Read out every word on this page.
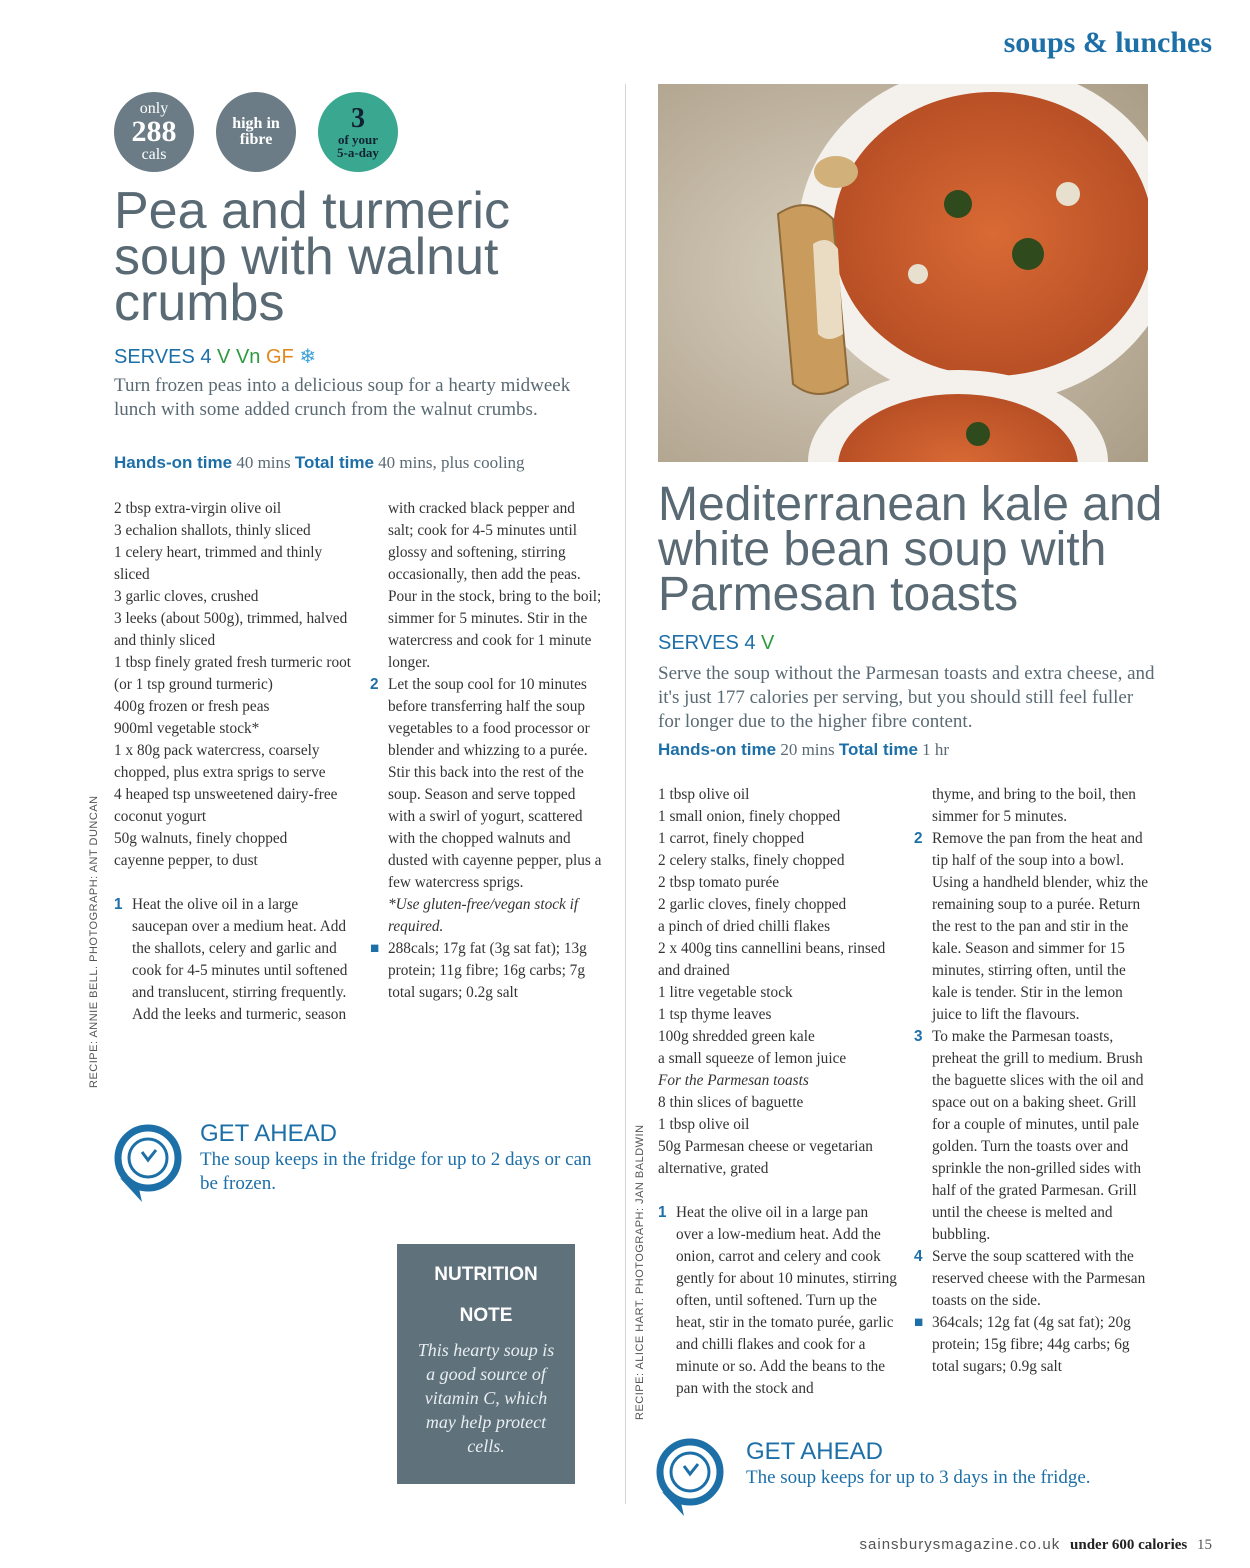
soups & lunches
only
288
cals
high in fibre
3
of your
5-a-day
Pea and turmeric soup with walnut crumbs
SERVES 4 V Vn GF ❄
Turn frozen peas into a delicious soup for a hearty midweek lunch with some added crunch from the walnut crumbs.
Hands-on time 40 mins Total time 40 mins, plus cooling

2 tbsp extra-virgin olive oil

3 echalion shallots, thinly sliced

1 celery heart, trimmed and thinly sliced

3 garlic cloves, crushed

3 leeks (about 500g), trimmed, halved and thinly sliced

1 tbsp finely grated fresh turmeric root (or 1 tsp ground turmeric)

400g frozen or fresh peas

900ml vegetable stock*

1 x 80g pack watercress, coarsely chopped, plus extra sprigs to serve

4 heaped tsp unsweetened dairy-free coconut yogurt

50g walnuts, finely chopped

cayenne pepper, to dust

1 Heat the olive oil in a large saucepan over a medium heat. Add the shallots, celery and garlic and cook for 4-5 minutes until softened and translucent, stirring frequently. Add the leeks and turmeric, season

with cracked black pepper and salt; cook for 4-5 minutes until glossy and softening, stirring occasionally, then add the peas. Pour in the stock, bring to the boil; simmer for 5 minutes. Stir in the watercress and cook for 1 minute longer.

2 Let the soup cool for 10 minutes before transferring half the soup vegetables to a food processor or blender and whizzing to a purée. Stir this back into the rest of the soup. Season and serve topped with a swirl of yogurt, scattered with the chopped walnuts and dusted with cayenne pepper, plus a few watercress sprigs.

*Use gluten-free/vegan stock if required.

■ 288cals; 17g fat (3g sat fat); 13g protein; 11g fibre; 16g carbs; 7g total sugars; 0.2g salt
RECIPE: ANNIE BELL. PHOTOGRAPH: ANT DUNCAN
GET AHEAD
The soup keeps in the fridge for up to 2 days or can be frozen.
NUTRITION
NOTE
This hearty soup is a good source of vitamin C, which may help protect cells.
Mediterranean kale and white bean soup with Parmesan toasts
SERVES 4 V
Serve the soup without the Parmesan toasts and extra cheese, and it's just 177 calories per serving, but you should still feel fuller for longer due to the higher fibre content.
Hands-on time 20 mins Total time 1 hr

1 tbsp olive oil

1 small onion, finely chopped

1 carrot, finely chopped

2 celery stalks, finely chopped

2 tbsp tomato purée

2 garlic cloves, finely chopped

a pinch of dried chilli flakes

2 x 400g tins cannellini beans, rinsed and drained

1 litre vegetable stock

1 tsp thyme leaves

100g shredded green kale

a small squeeze of lemon juice

For the Parmesan toasts

8 thin slices of baguette

1 tbsp olive oil

50g Parmesan cheese or vegetarian alternative, grated

1 Heat the olive oil in a large pan over a low-medium heat. Add the onion, carrot and celery and cook gently for about 10 minutes, stirring often, until softened. Turn up the heat, stir in the tomato purée, garlic and chilli flakes and cook for a minute or so. Add the beans to the pan with the stock and

thyme, and bring to the boil, then simmer for 5 minutes.

2 Remove the pan from the heat and tip half of the soup into a bowl. Using a handheld blender, whiz the remaining soup to a purée. Return the rest to the pan and stir in the kale. Season and simmer for 15 minutes, stirring often, until the kale is tender. Stir in the lemon juice to lift the flavours.
3 To make the Parmesan toasts, preheat the grill to medium. Brush the baguette slices with the oil and space out on a baking sheet. Grill for a couple of minutes, until pale golden. Turn the toasts over and sprinkle the non-grilled sides with half of the grated Parmesan. Grill until the cheese is melted and bubbling.
4 Serve the soup scattered with the reserved cheese with the Parmesan toasts on the side.
■ 364cals; 12g fat (4g sat fat); 20g protein; 15g fibre; 44g carbs; 6g total sugars; 0.9g salt
RECIPE: ALICE HART. PHOTOGRAPH: JAN BALDWIN
GET AHEAD
The soup keeps for up to 3 days in the fridge.
sainsburysmagazine.co.uk under 600 calories 15
